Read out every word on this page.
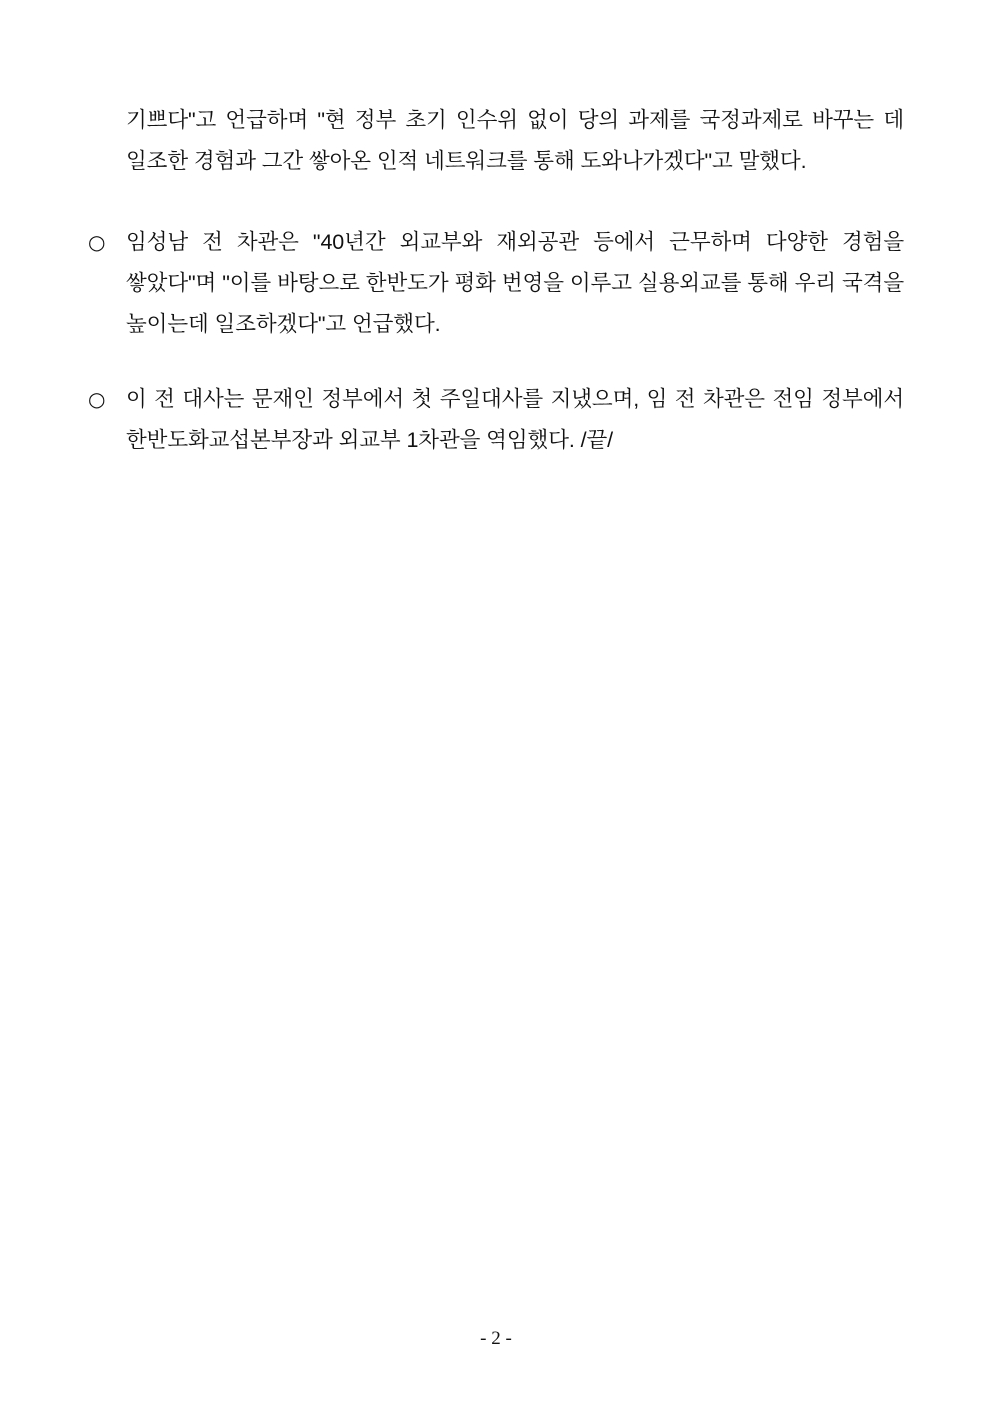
기쁘다"고 언급하며 "현 정부 초기 인수위 없이 당의 과제를 국정과제로 바꾸는 데 일조한 경험과 그간 쌓아온 인적 네트워크를 통해 도와나가겠다"고 말했다.
○ 임성남 전 차관은 "40년간 외교부와 재외공관 등에서 근무하며 다양한 경험을 쌓았다"며 "이를 바탕으로 한반도가 평화 번영을 이루고 실용외교를 통해 우리 국격을 높이는데 일조하겠다"고 언급했다.
○ 이 전 대사는 문재인 정부에서 첫 주일대사를 지냈으며, 임 전 차관은 전임 정부에서 한반도화교섭본부장과 외교부 1차관을 역임했다. /끝/
- 2 -
